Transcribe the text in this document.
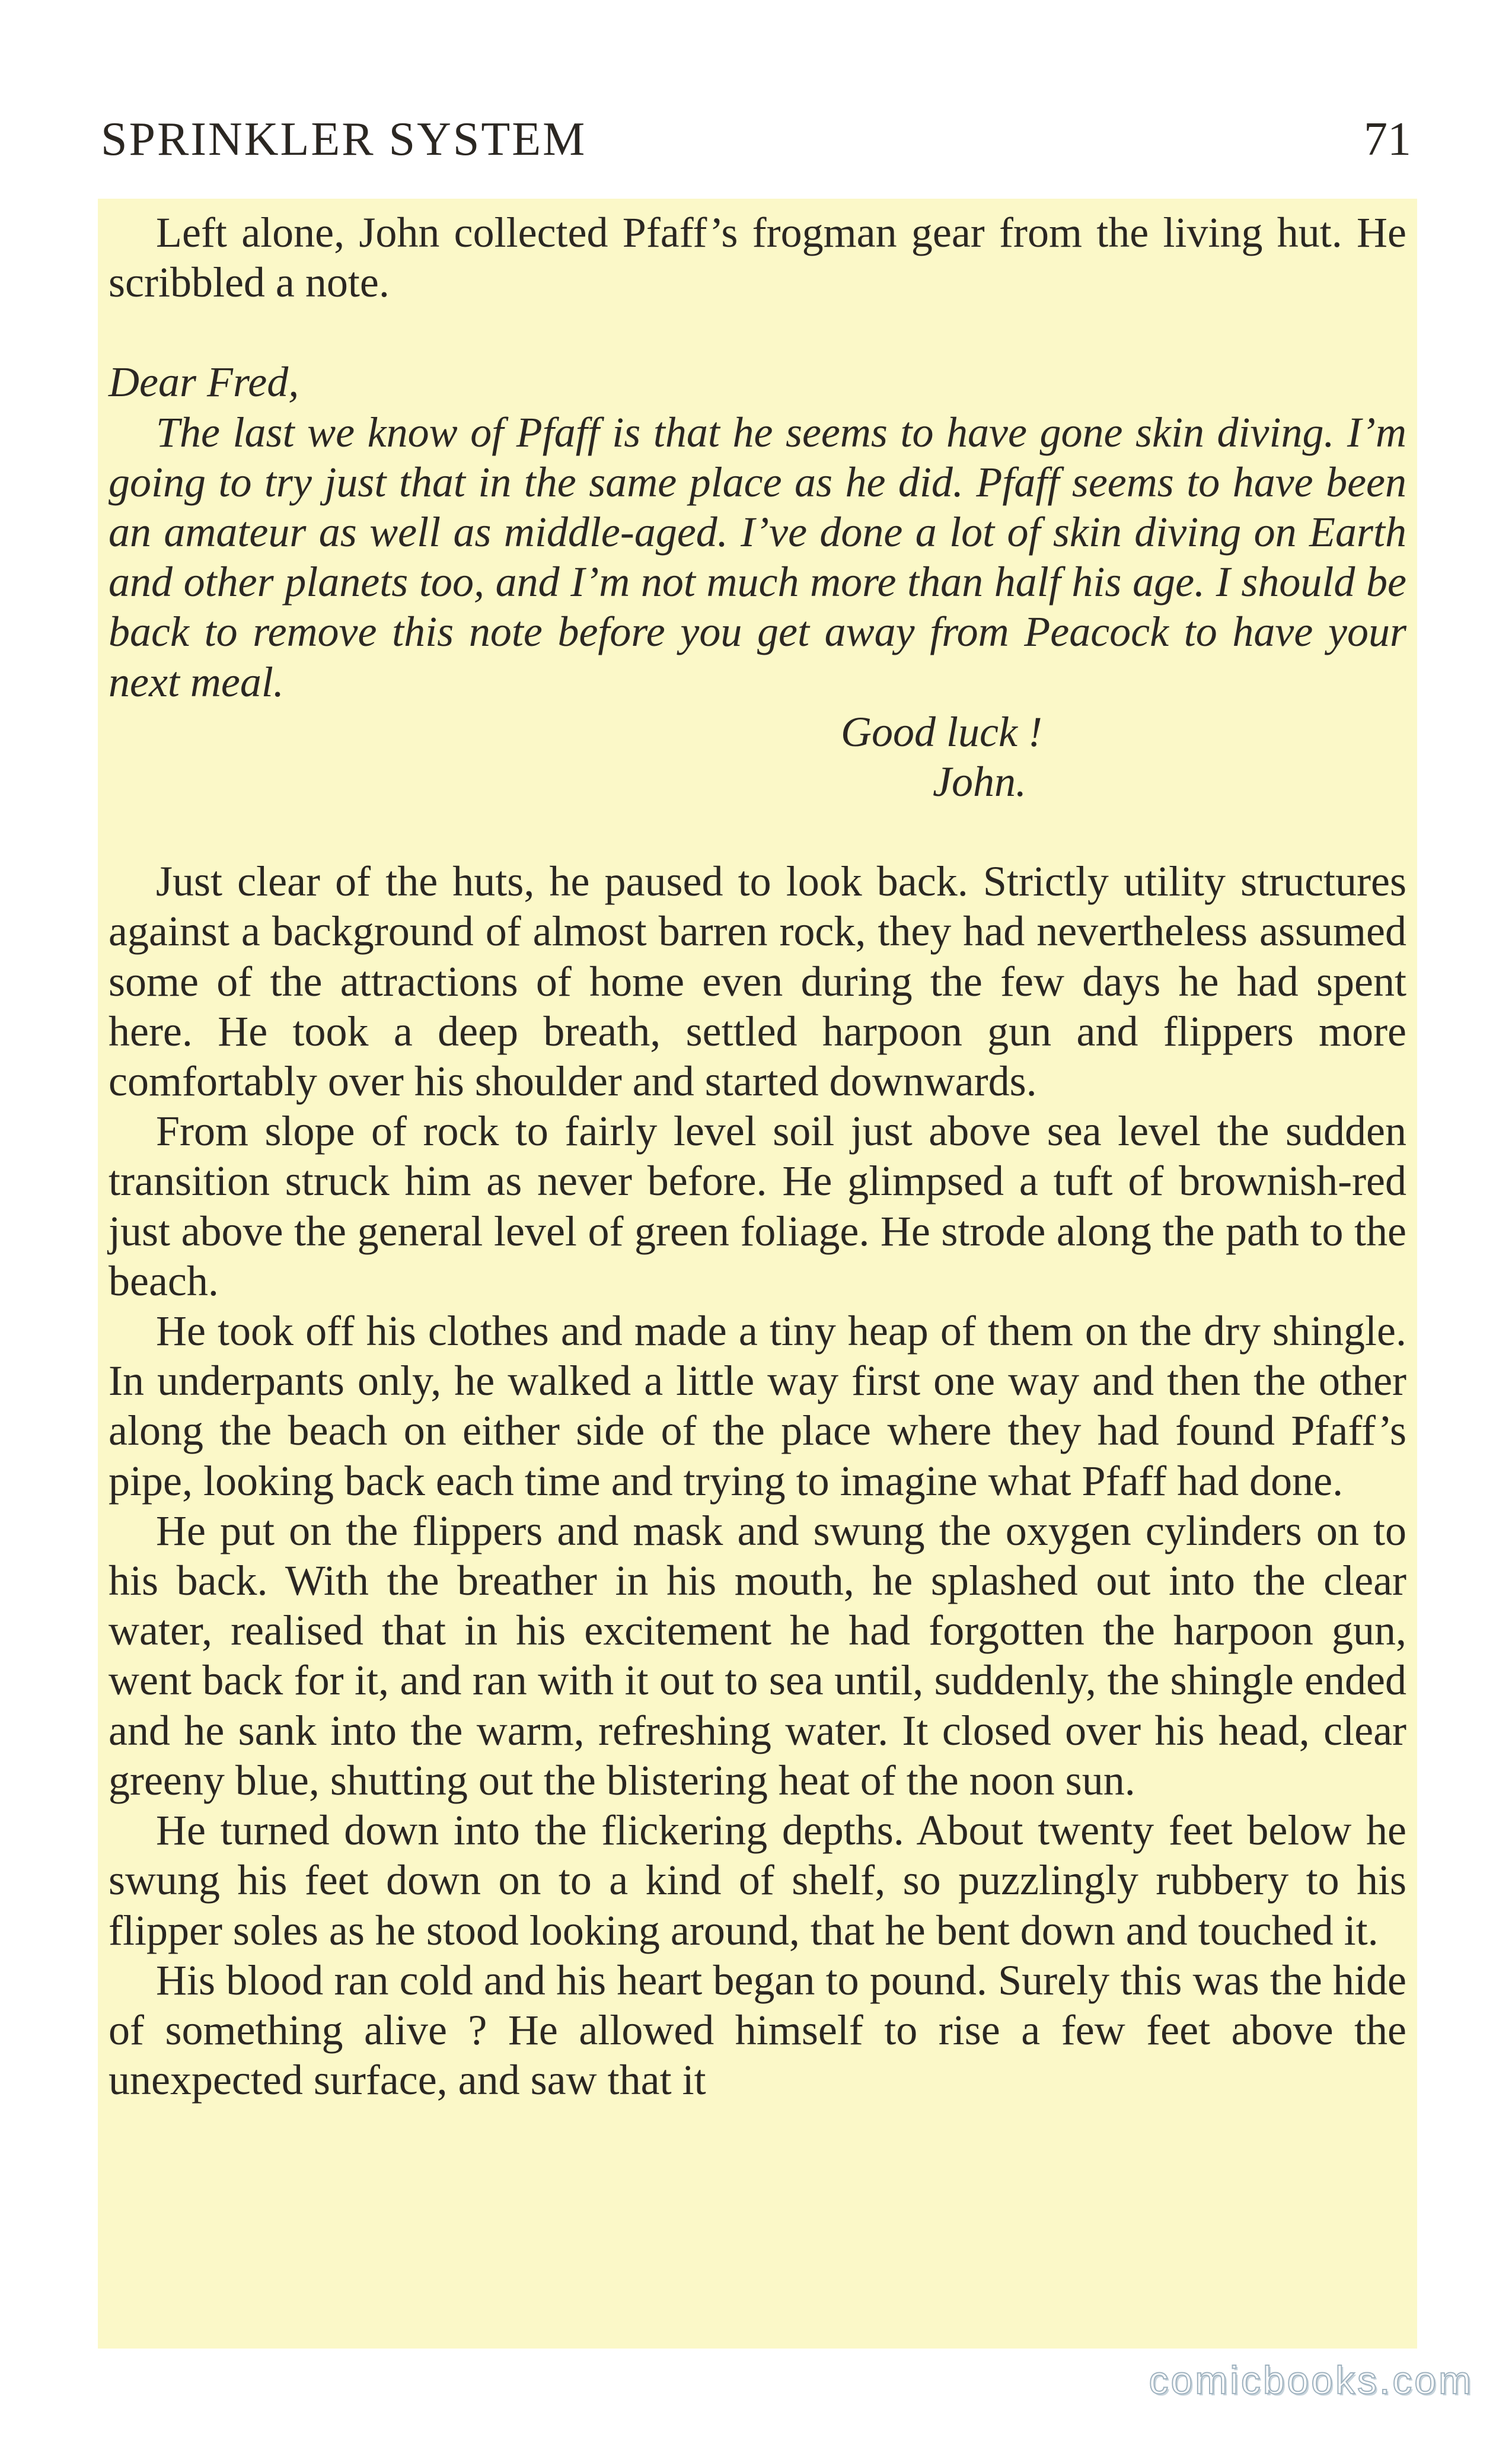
SPRINKLER SYSTEM	71

Left alone, John collected Pfaff’s frogman gear from the living hut. He scribbled a note.

Dear Fred,

The last we know of Pfaff is that he seems to have gone skin diving. I’m going to try just that in the same place as he did. Pfaff seems to have been an amateur as well as middle-aged. I’ve done a lot of skin diving on Earth and other planets too, and I’m not much more than half his age. I should be back to remove this note before you get away from Peacock to have your next meal.

Good luck !

John.

Just clear of the huts, he paused to look back. Strictly utility structures against a background of almost barren rock, they had nevertheless assumed some of the attractions of home even during the few days he had spent here. He took a deep breath, settled harpoon gun and flippers more comfortably over his shoulder and started downwards.

From slope of rock to fairly level soil just above sea level the sudden transition struck him as never before. He glimpsed a tuft of brownish-red just above the general level of green foliage. He strode along the path to the beach.

He took off his clothes and made a tiny heap of them on the dry shingle. In underpants only, he walked a little way first one way and then the other along the beach on either side of the place where they had found Pfaff’s pipe, looking back each time and trying to imagine what Pfaff had done.

He put on the flippers and mask and swung the oxygen cylinders on to his back. With the breather in his mouth, he splashed out into the clear water, realised that in his excitement he had forgotten the harpoon gun, went back for it, and ran with it out to sea until, suddenly, the shingle ended and he sank into the warm, refreshing water. It closed over his head, clear greeny blue, shutting out the blistering heat of the noon sun.

He turned down into the flickering depths. About twenty feet below he swung his feet down on to a kind of shelf, so puzzlingly rubbery to his flipper soles as he stood looking around, that he bent down and touched it.

His blood ran cold and his heart began to pound. Surely this was the hide of something alive ? He allowed himself to rise a few feet above the unexpected surface, and saw that it

comicbooks.com
